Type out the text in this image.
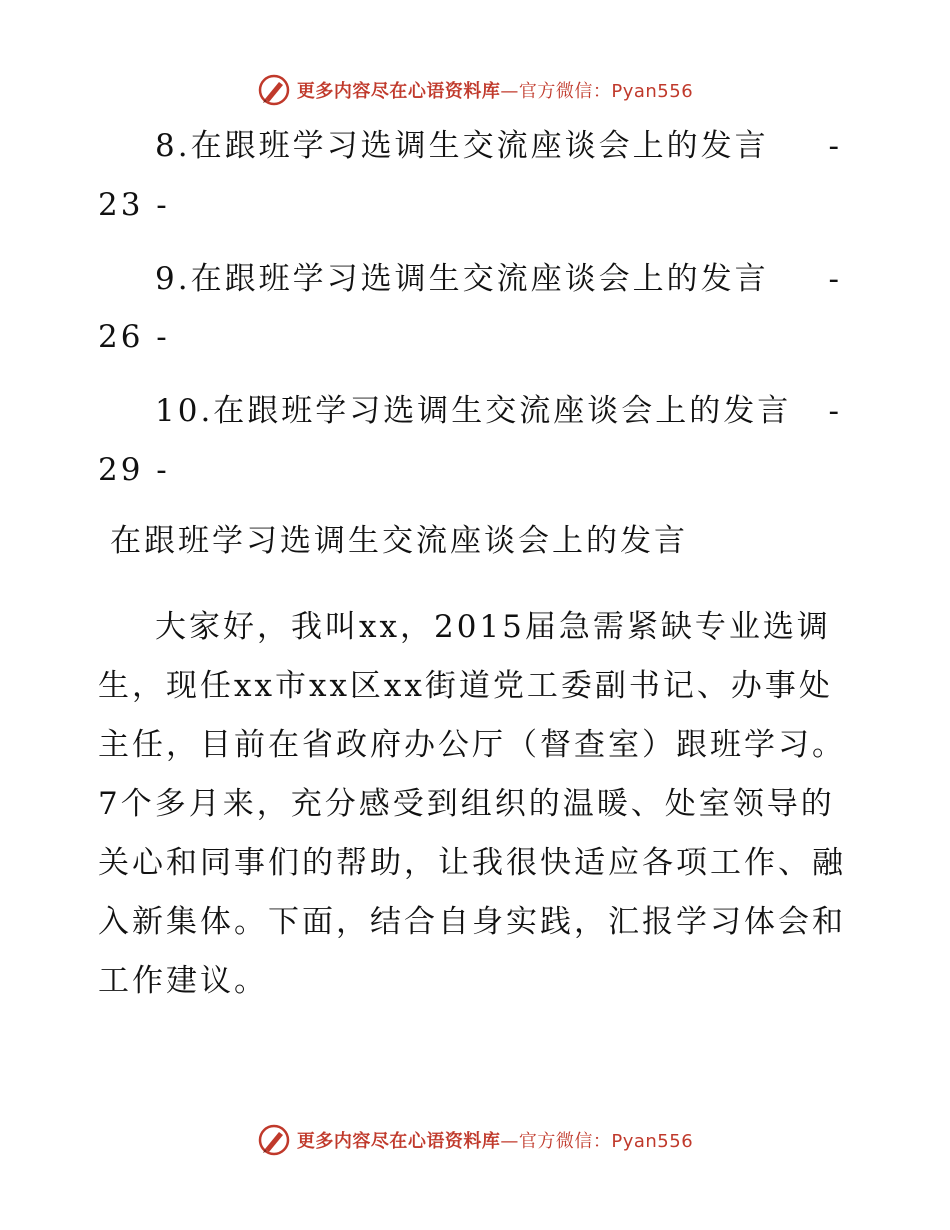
更多内容尽在心语资料库 —官方微信：Pyan556
8.在跟班学习选调生交流座谈会上的发言 -
23 -
9.在跟班学习选调生交流座谈会上的发言 -
26 -
10.在跟班学习选调生交流座谈会上的发言 -
29 -
在跟班学习选调生交流座谈会上的发言

大家好，我叫xx，2015届急需紧缺专业选调生，现任xx市xx区xx街道党工委副书记、办事处主任，目前在省政府办公厅（督查室）跟班学习。7个多月来，充分感受到组织的温暖、处室领导的关心和同事们的帮助，让我很快适应各项工作、融入新集体。下面，结合自身实践，汇报学习体会和工作建议。

更多内容尽在心语资料库 —官方微信：Pyan556
